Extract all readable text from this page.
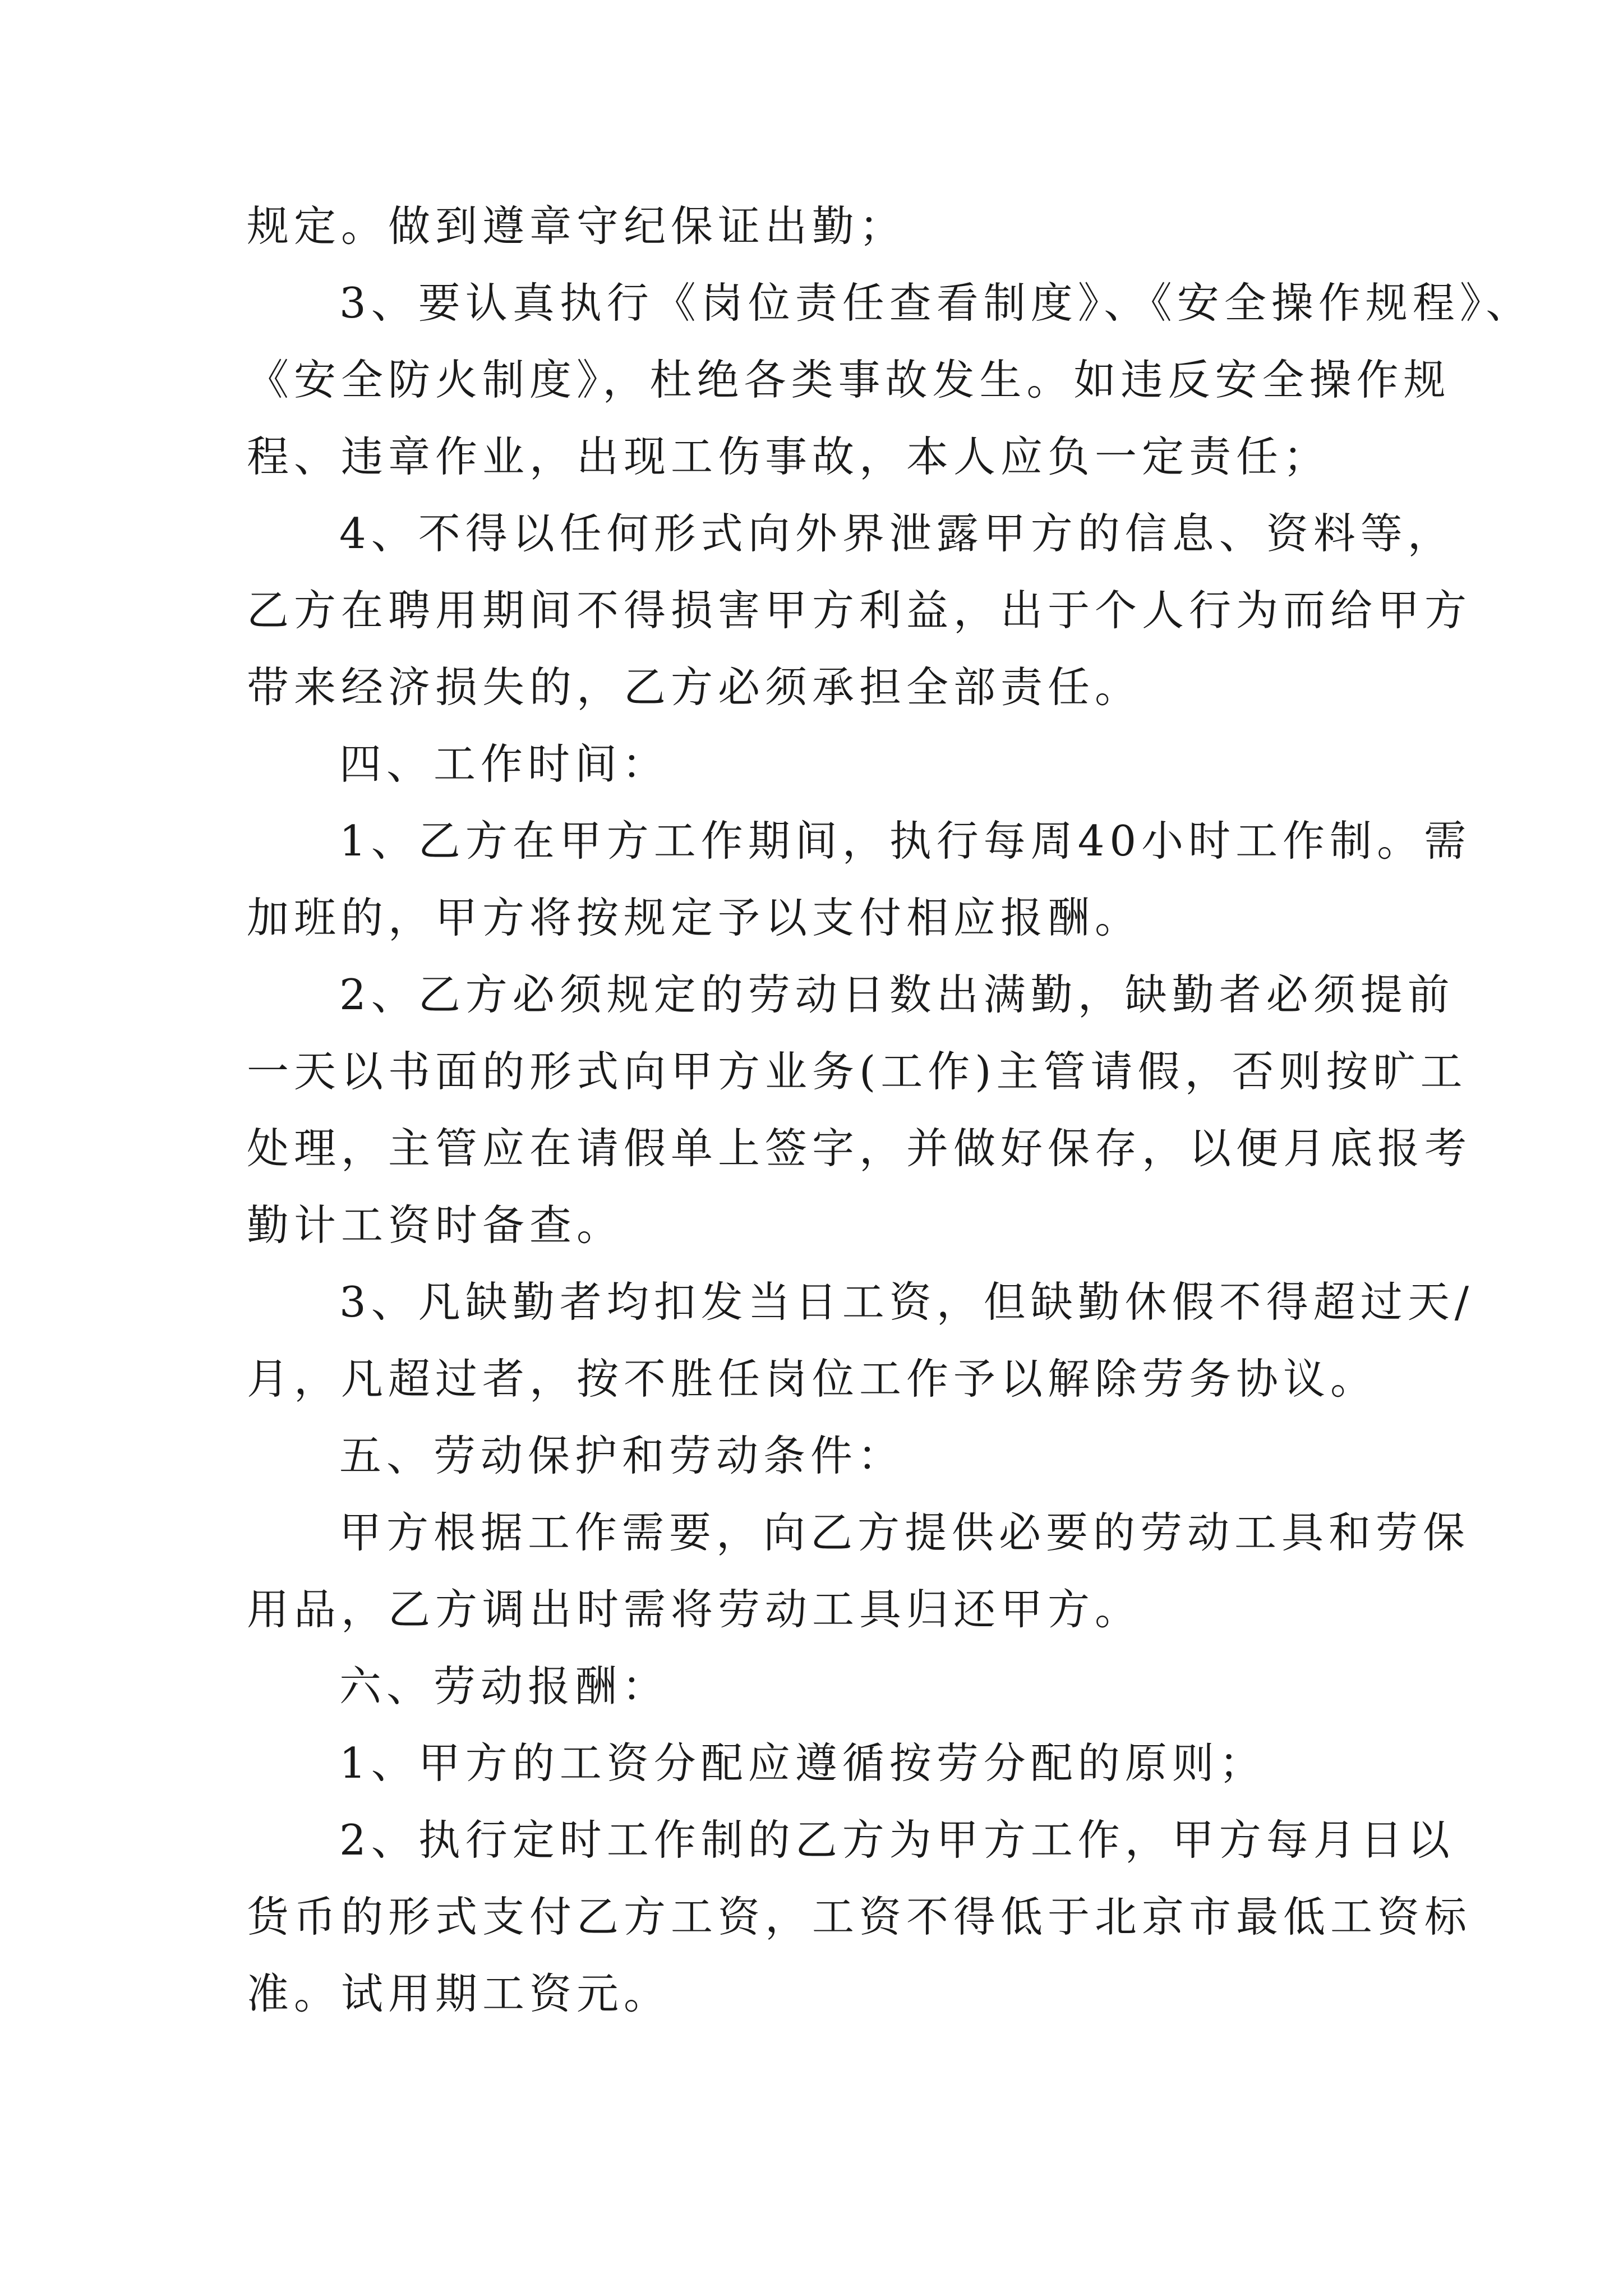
规定。做到遵章守纪保证出勤；
3、要认真执行《岗位责任查看制度》、《安全操作规程》、
《安全防火制度》，杜绝各类事故发生。如违反安全操作规
程、违章作业，出现工伤事故，本人应负一定责任；
4、不得以任何形式向外界泄露甲方的信息、资料等，
乙方在聘用期间不得损害甲方利益，出于个人行为而给甲方
带来经济损失的，乙方必须承担全部责任。
四、工作时间：
1、乙方在甲方工作期间，执行每周40小时工作制。需
加班的，甲方将按规定予以支付相应报酬。
2、乙方必须规定的劳动日数出满勤，缺勤者必须提前
一天以书面的形式向甲方业务(工作)主管请假，否则按旷工
处理，主管应在请假单上签字，并做好保存，以便月底报考
勤计工资时备查。
3、凡缺勤者均扣发当日工资，但缺勤休假不得超过天/
月，凡超过者，按不胜任岗位工作予以解除劳务协议。
五、劳动保护和劳动条件：
甲方根据工作需要，向乙方提供必要的劳动工具和劳保
用品，乙方调出时需将劳动工具归还甲方。
六、劳动报酬：
1、甲方的工资分配应遵循按劳分配的原则；
2、执行定时工作制的乙方为甲方工作，甲方每月日以
货币的形式支付乙方工资，工资不得低于北京市最低工资标
准。试用期工资元。
